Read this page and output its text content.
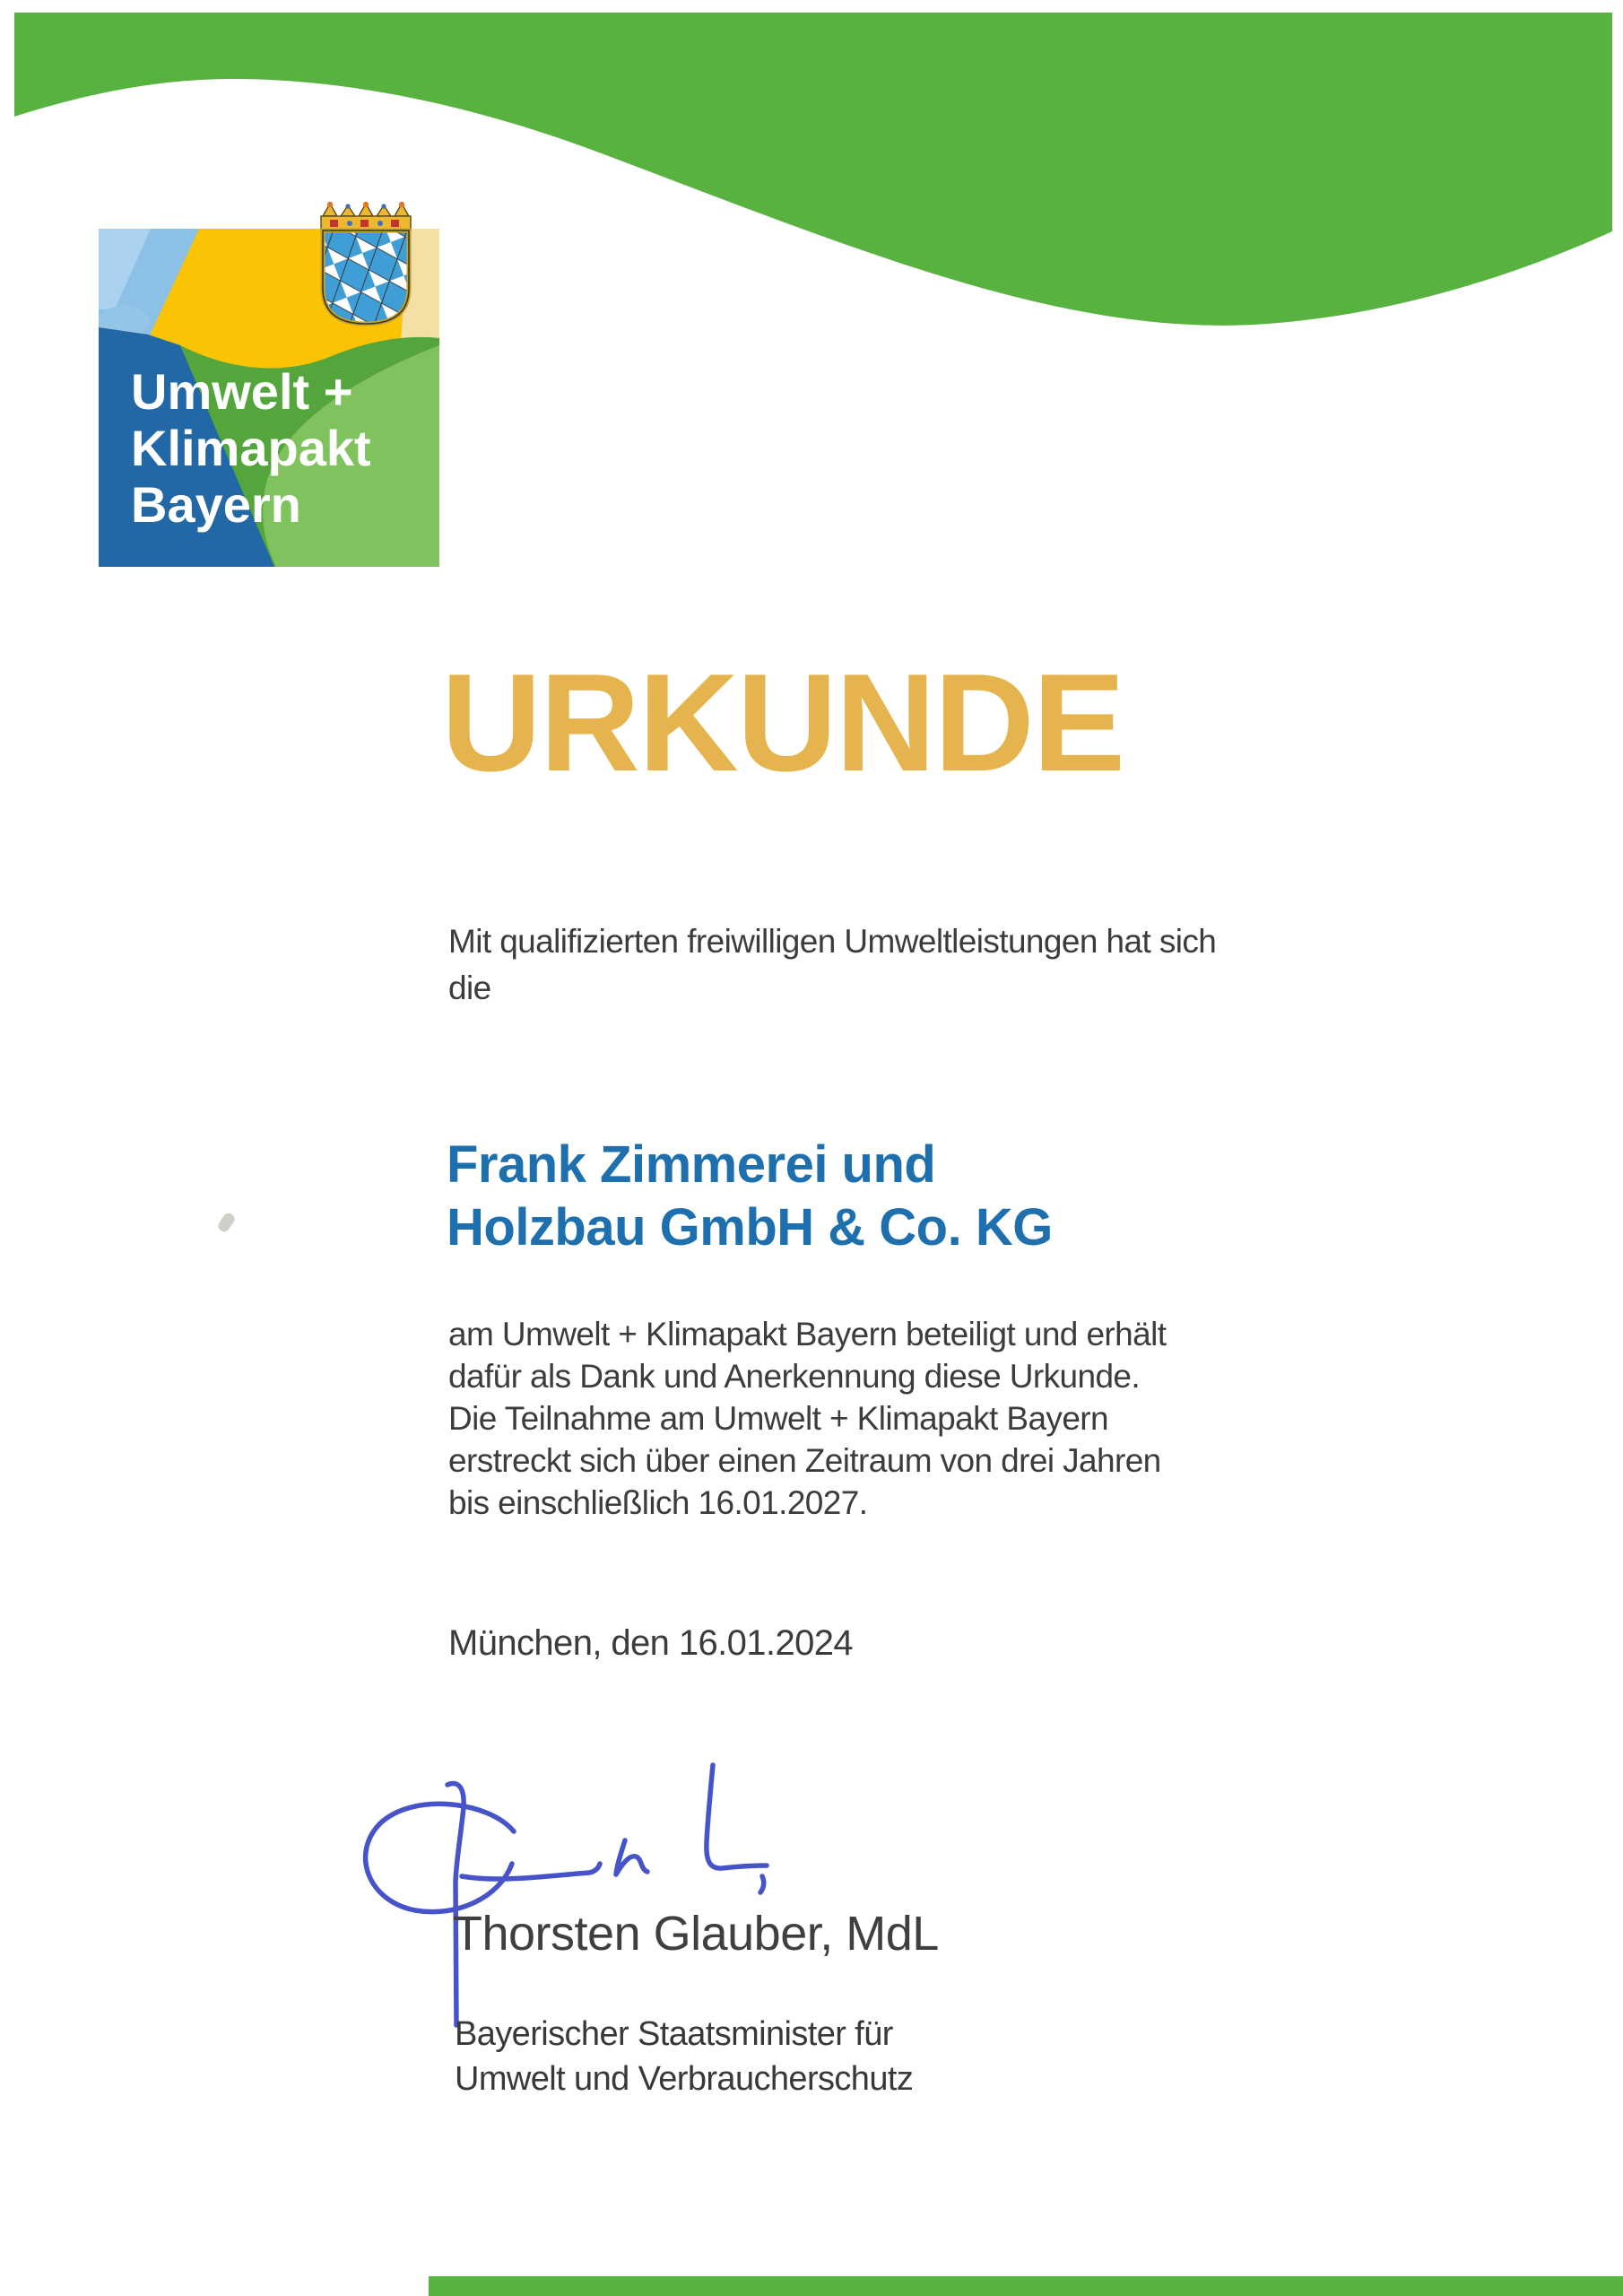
Umwelt +
Klimapakt
Bayern
URKUNDE
Mit qualifizierten freiwilligen Umweltleistungen hat sich
die
Frank Zimmerei und
Holzbau GmbH & Co. KG
am Umwelt + Klimapakt Bayern beteiligt und erhält
dafür als Dank und Anerkennung diese Urkunde.
Die Teilnahme am Umwelt + Klimapakt Bayern
erstreckt sich über einen Zeitraum von drei Jahren
bis einschließlich 16.01.2027.
München, den 16.01.2024
Thorsten Glauber, MdL
Bayerischer Staatsminister für
Umwelt und Verbraucherschutz
